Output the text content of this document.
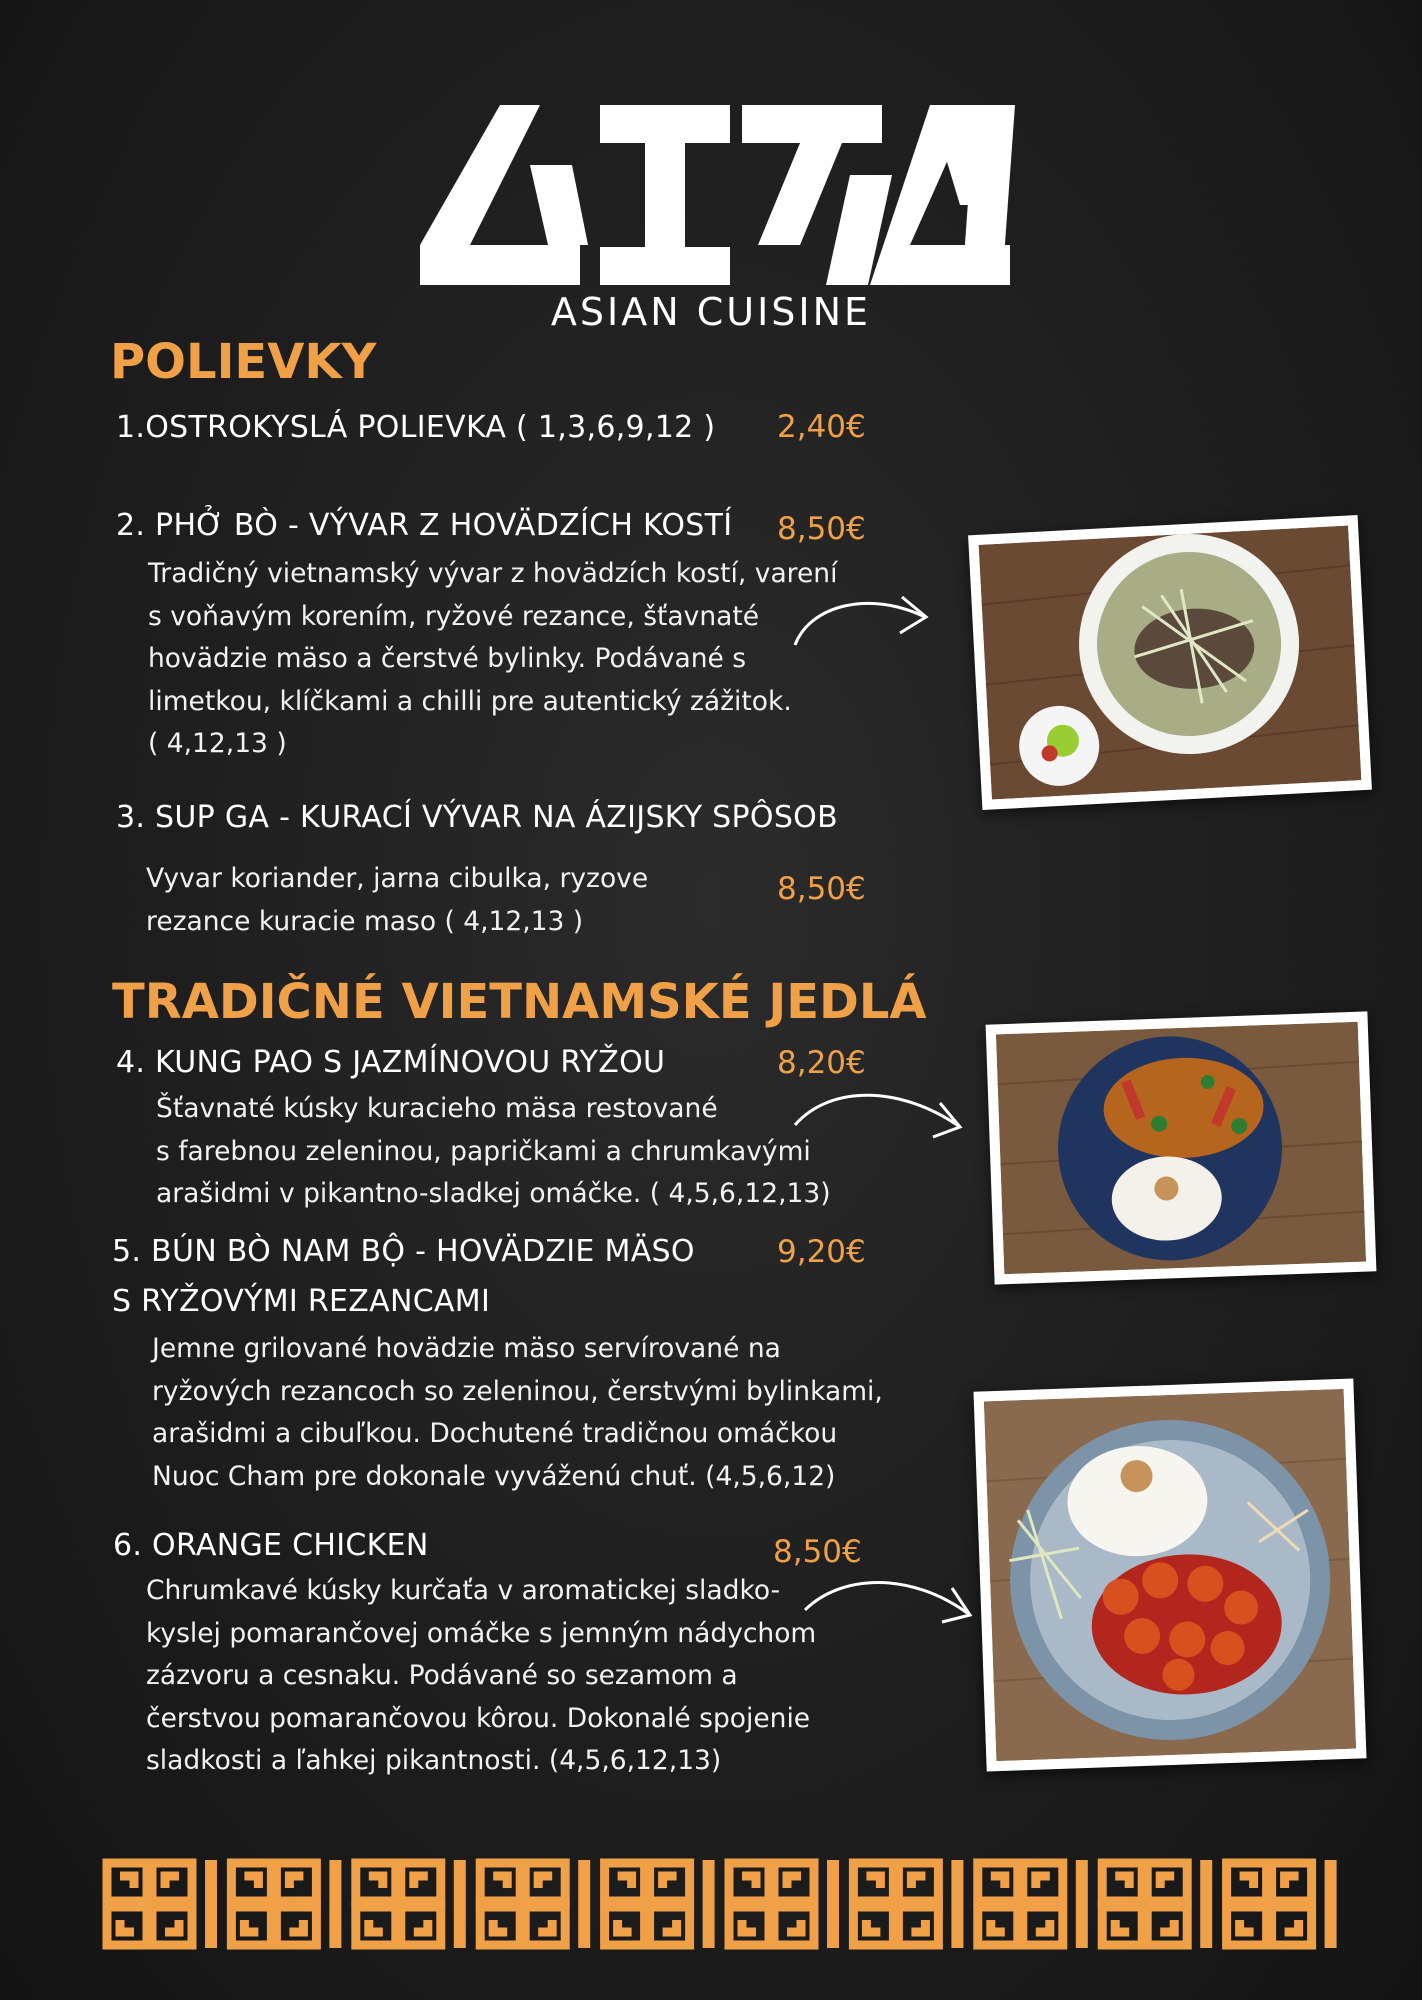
ASIAN CUISINE
POLIEVKY
1.OSTROKYSLÁ POLIEVKA ( 1,3,6,9,12 ) 2,40€
2. PHỞ BÒ - VÝVAR Z HOVÄDZÍCH KOSTÍ 8,50€
Tradičný vietnamský vývar z hovädzích kostí, varení
s voňavým korením, ryžové rezance, šťavnaté
hovädzie mäso a čerstvé bylinky. Podávané s
limetkou, klíčkami a chilli pre autentický zážitok.
( 4,12,13 )
3. SUP GA - KURACÍ VÝVAR NA ÁZIJSKY SPÔSOB
Vyvar koriander, jarna cibulka, ryzove
rezance kuracie maso ( 4,12,13 )
8,50€
TRADIČNÉ VIETNAMSKÉ JEDLÁ
4. KUNG PAO S JAZMÍNOVOU RYŽOU	8,20€
Šťavnaté kúsky kuracieho mäsa restované
s farebnou zeleninou, papričkami a chrumkavými
arašidmi v pikantno-sladkej omáčke. ( 4,5,6,12,13)
5. BÚN BÒ NAM BỘ - HOVÄDZIE MÄSO
S RYŽOVÝMI REZANCAMI
9,20€
Jemne grilované hovädzie mäso servírované na
ryžových rezancoch so zeleninou, čerstvými bylinkami,
arašidmi a cibuľkou. Dochutené tradičnou omáčkou
Nuoc Cham pre dokonale vyváženú chuť. (4,5,6,12)
6. ORANGE CHICKEN	8,50€
Chrumkavé kúsky kurčaťa v aromatickej sladko-
kyslej pomarančovej omáčke s jemným nádychom
zázvoru a cesnaku. Podávané so sezamom a
čerstvou pomarančovou kôrou. Dokonalé spojenie
sladkosti a ľahkej pikantnosti. (4,5,6,12,13)
